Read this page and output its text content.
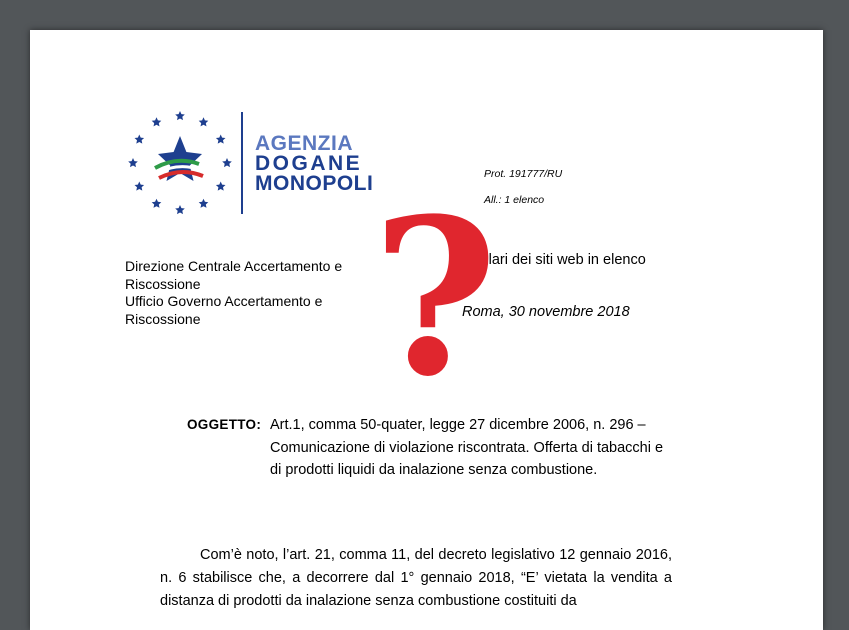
AGENZIA
DOGANE
MONOPOLI	Prot. 191777/RU
All.: 1 elenco
Direzione Centrale Accertamento e Riscossione
Ufficio Governo Accertamento e Riscossione
i titolari dei siti web in elenco
Roma, 30 novembre 2018
?
OGGETTO: Art.1, comma 50-quater, legge 27 dicembre 2006, n. 296 – Comunicazione di violazione riscontrata. Offerta di tabacchi e di prodotti liquidi da inalazione senza combustione.
Com’è noto, l’art. 21, comma 11, del decreto legislativo 12 gennaio 2016, n. 6 stabilisce che, a decorrere dal 1° gennaio 2018, “E’ vietata la vendita a distanza di prodotti da inalazione senza combustione costituiti da
